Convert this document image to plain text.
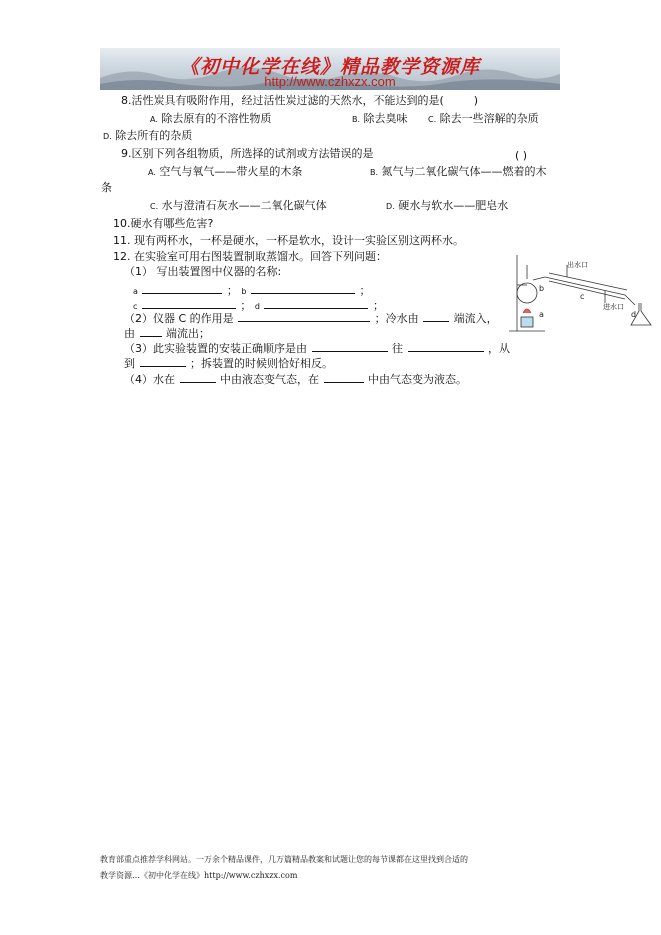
《初中化学在线》精品教学资源库
http://www.czhxzx.com
8.活性炭具有吸附作用，经过活性炭过滤的天然水，不能达到的是(	)
A. 除去原有的不溶性物质	B. 除去臭味	C. 除去一些溶解的杂质
D. 除去所有的杂质
9.区别下列各组物质，所选择的试剂或方法错误的是	( )
A. 空气与氧气——带火星的木条	B. 氮气与二氧化碳气体——燃着的木
条
C. 水与澄清石灰水——二氧化碳气体	D. 硬水与软水——肥皂水
10.硬水有哪些危害?
11. 现有两杯水，一杯是硬水，一杯是软水，设计一实验区别这两杯水。
12. 在实验室可用右图装置制取蒸馏水。回答下列问题：
（1） 写出装置图中仪器的名称:
a	； b	；
c	； d	；
（2）仪器 C 的作用是	；冷水由	端流入，
由	端流出；
（3）此实验装置的安装正确顺序是由	往	，从
到	；拆装置的时候则恰好相反。
（4）水在	中由液态变气态，在	中由气态变为液态。
出水口
进水口
a
b
c
d
教育部重点推荐学科网站。一万余个精品课件，几万篇精品教案和试题让您的每节课都在这里找到合适的
教学资源…《初中化学在线》http://www.czhxzx.com
